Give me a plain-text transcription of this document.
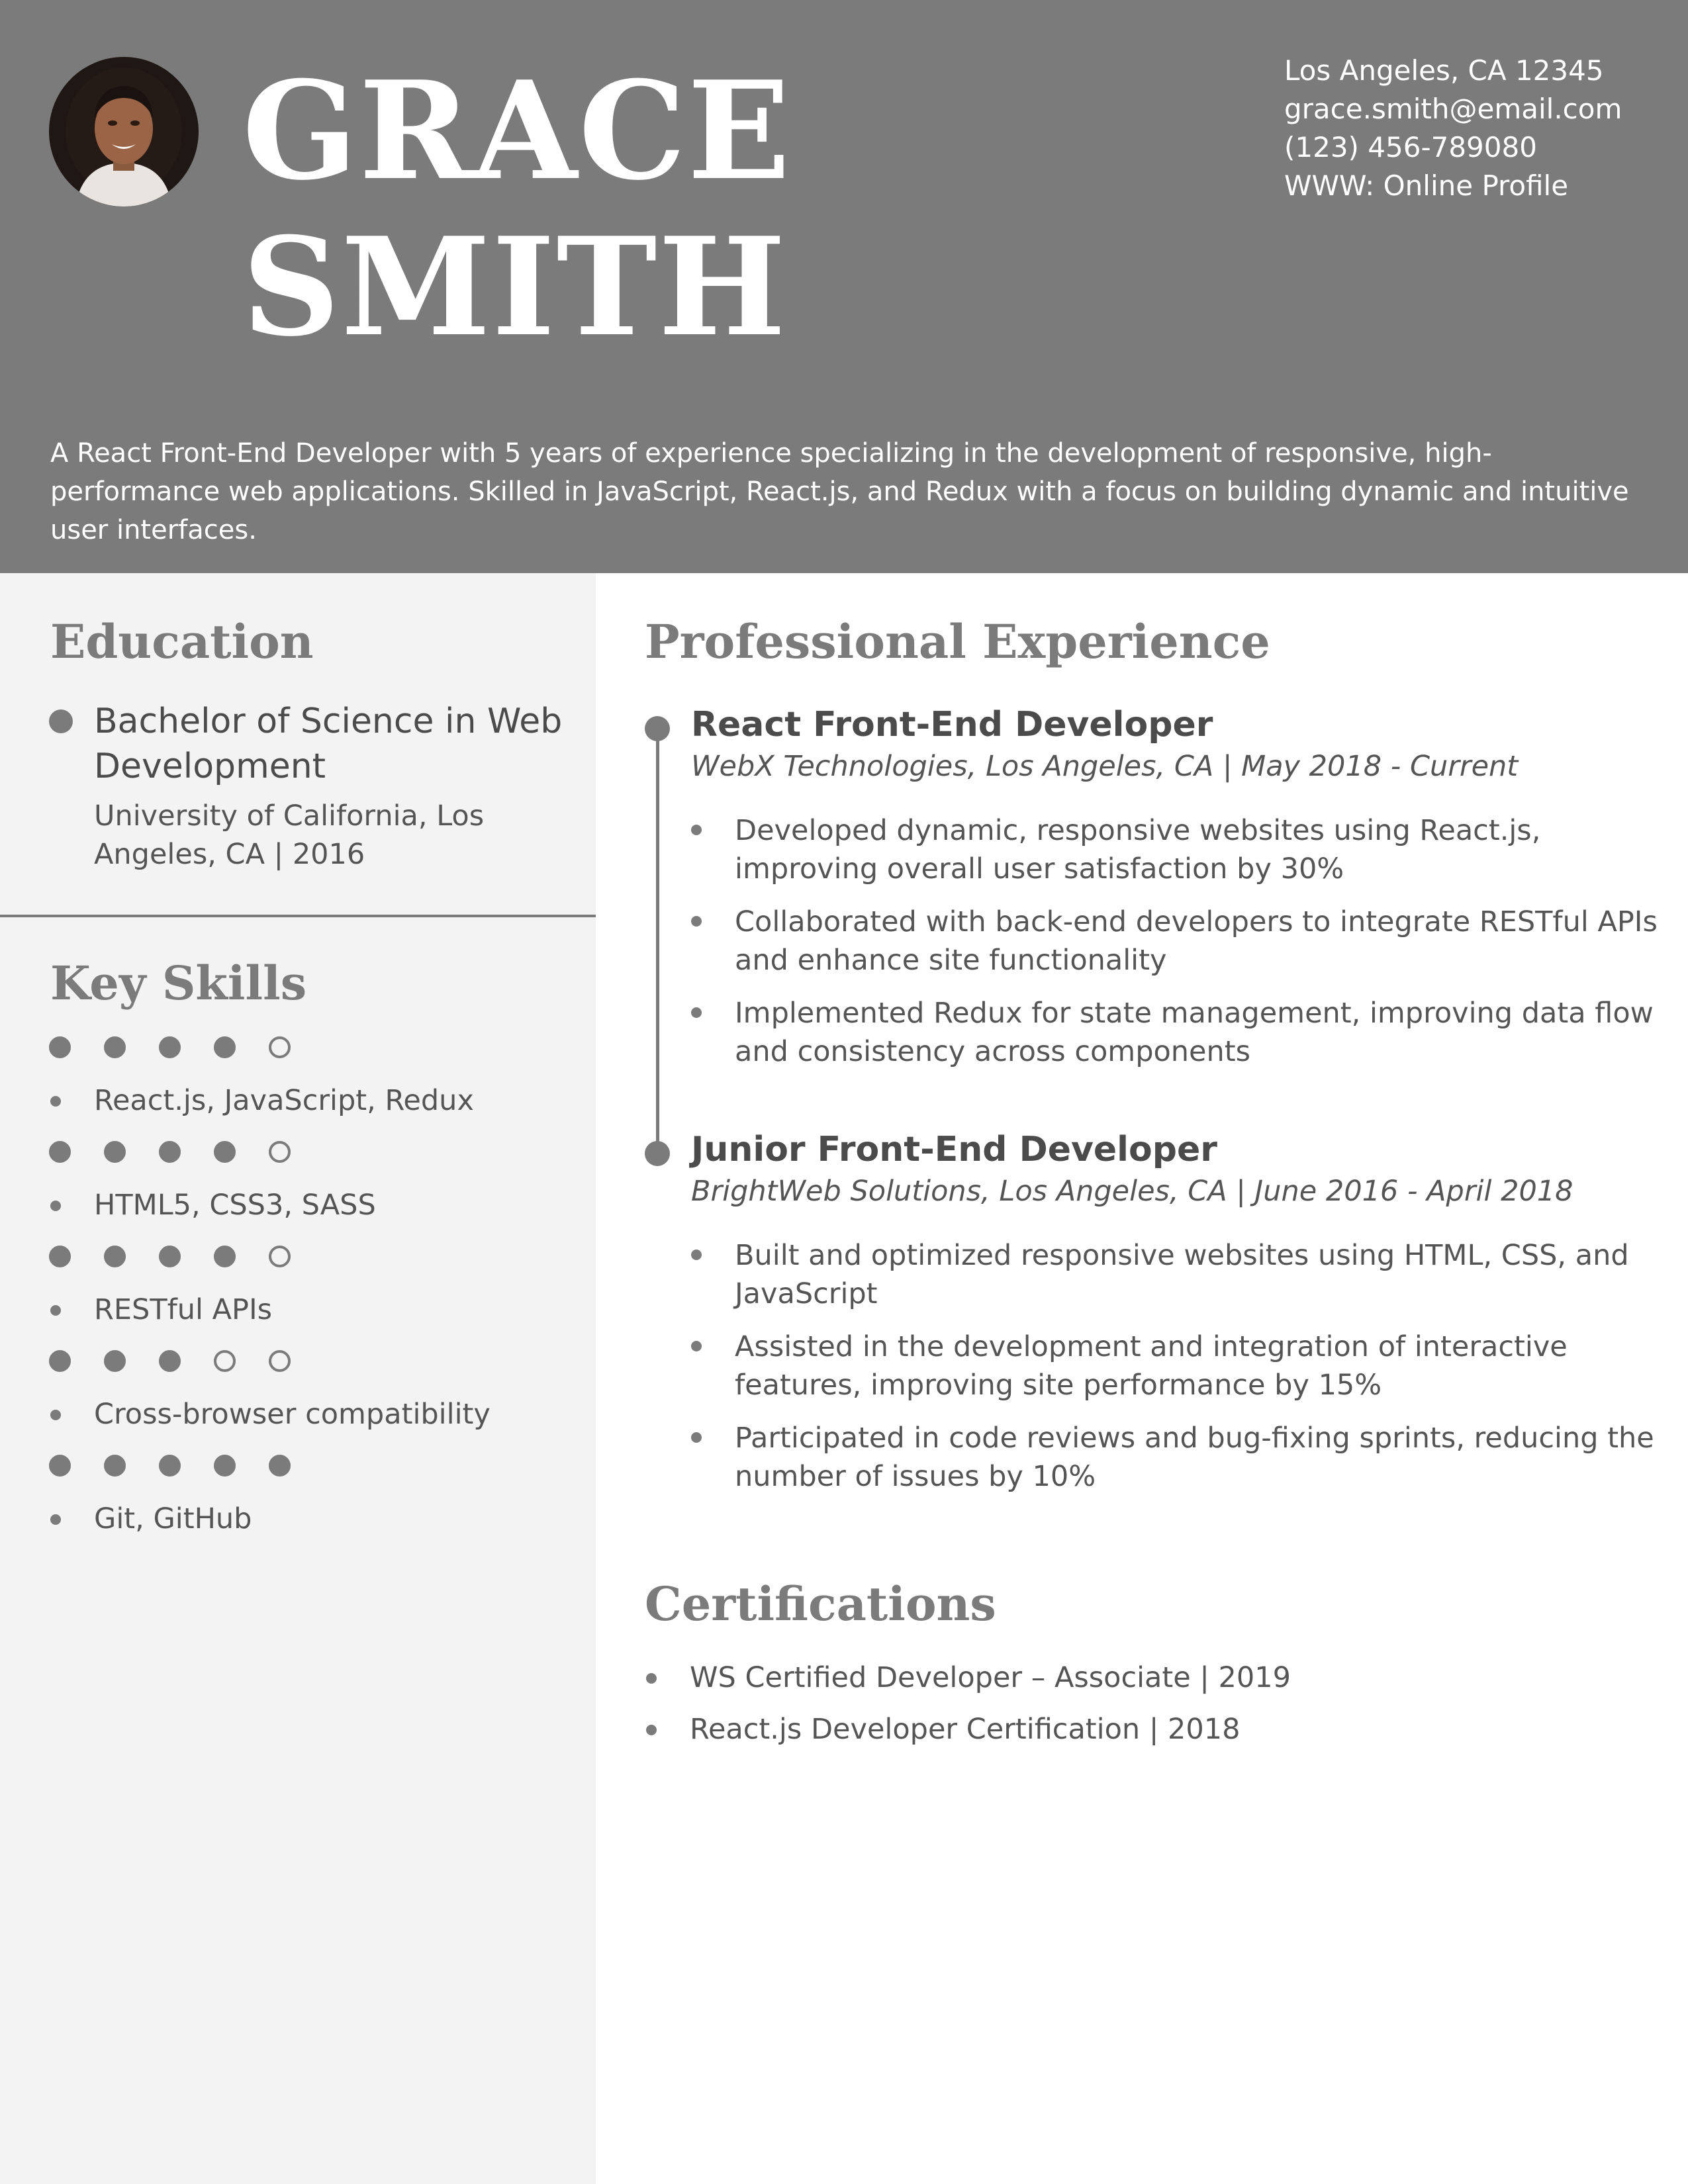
GRACE
SMITH
Los Angeles, CA 12345
grace.smith@email.com
(123) 456-789080
WWW: Online Profile
A React Front-End Developer with 5 years of experience specializing in the development of responsive, high-performance web applications. Skilled in JavaScript, React.js, and Redux with a focus on building dynamic and intuitive user interfaces.
Education
Bachelor of Science in Web Development
University of California, Los Angeles, CA | 2016
Key Skills
React.js, JavaScript, Redux
HTML5, CSS3, SASS
RESTful APIs
Cross-browser compatibility
Git, GitHub
Professional Experience
React Front-End Developer
WebX Technologies, Los Angeles, CA | May 2018 - Current
Developed dynamic, responsive websites using React.js, improving overall user satisfaction by 30%
Collaborated with back-end developers to integrate RESTful APIs and enhance site functionality
Implemented Redux for state management, improving data flow and consistency across components
Junior Front-End Developer
BrightWeb Solutions, Los Angeles, CA | June 2016 - April 2018
Built and optimized responsive websites using HTML, CSS, and JavaScript
Assisted in the development and integration of interactive features, improving site performance by 15%
Participated in code reviews and bug-fixing sprints, reducing the number of issues by 10%
Certifications
WS Certified Developer – Associate | 2019
React.js Developer Certification | 2018
